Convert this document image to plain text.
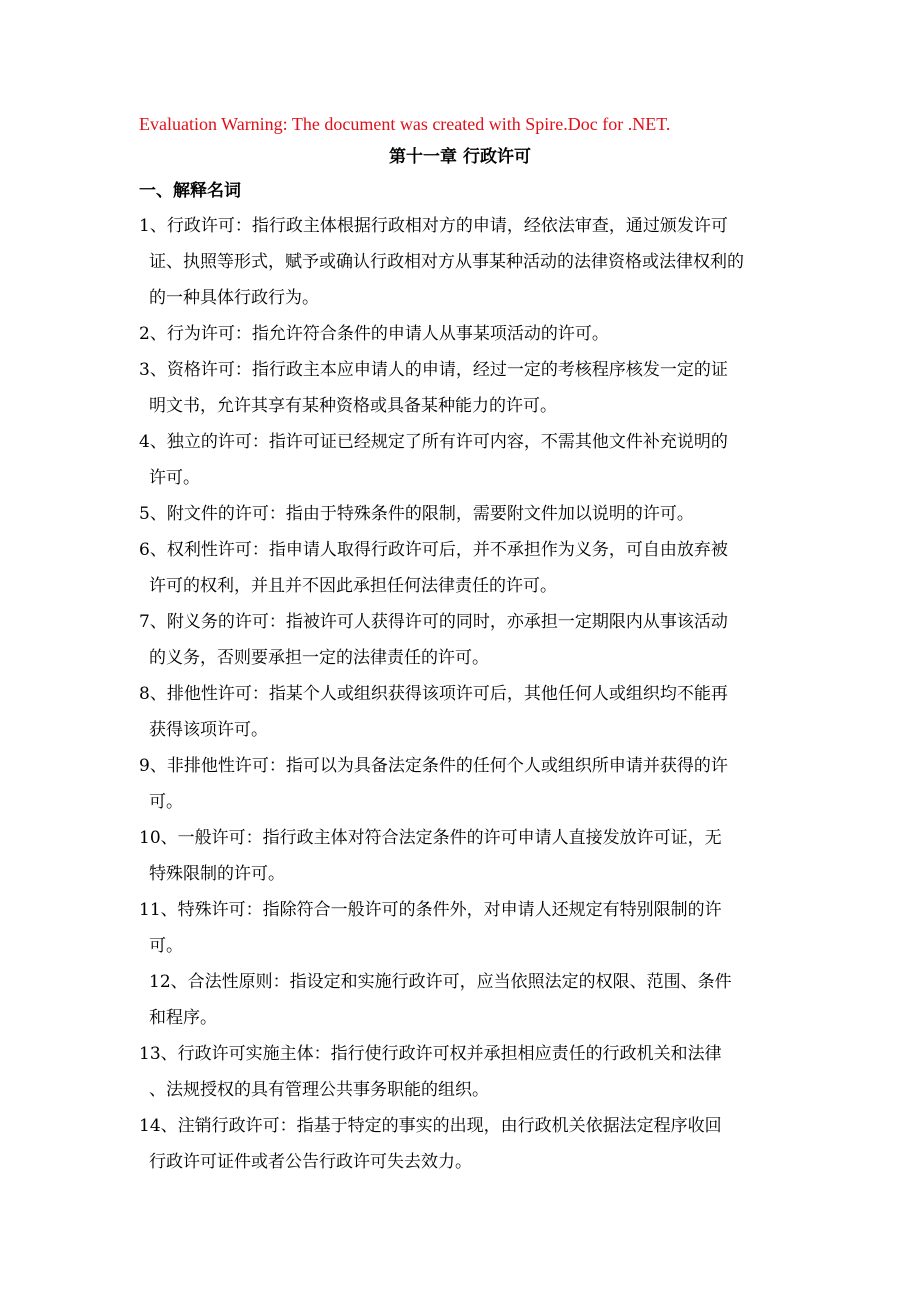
Evaluation Warning: The document was created with Spire.Doc for .NET.
第十一章 行政许可
一、解释名词
1、行政许可：指行政主体根据行政相对方的申请，经依法审查，通过颁发许可
证、执照等形式，赋予或确认行政相对方从事某种活动的法律资格或法律权利的
的一种具体行政行为。
2、行为许可：指允许符合条件的申请人从事某项活动的许可。
3、资格许可：指行政主本应申请人的申请，经过一定的考核程序核发一定的证
明文书，允许其享有某种资格或具备某种能力的许可。
4、独立的许可：指许可证已经规定了所有许可内容，不需其他文件补充说明的
许可。
5、附文件的许可：指由于特殊条件的限制，需要附文件加以说明的许可。
6、权利性许可：指申请人取得行政许可后，并不承担作为义务，可自由放弃被
许可的权利，并且并不因此承担任何法律责任的许可。
7、附义务的许可：指被许可人获得许可的同时，亦承担一定期限内从事该活动
的义务，否则要承担一定的法律责任的许可。
8、排他性许可：指某个人或组织获得该项许可后，其他任何人或组织均不能再
获得该项许可。
9、非排他性许可：指可以为具备法定条件的任何个人或组织所申请并获得的许
可。
10、一般许可：指行政主体对符合法定条件的许可申请人直接发放许可证，无
特殊限制的许可。
11、特殊许可：指除符合一般许可的条件外，对申请人还规定有特别限制的许
可。
12、合法性原则：指设定和实施行政许可，应当依照法定的权限、范围、条件
和程序。
13、行政许可实施主体：指行使行政许可权并承担相应责任的行政机关和法律
、法规授权的具有管理公共事务职能的组织。
14、注销行政许可：指基于特定的事实的出现，由行政机关依据法定程序收回
行政许可证件或者公告行政许可失去效力。
